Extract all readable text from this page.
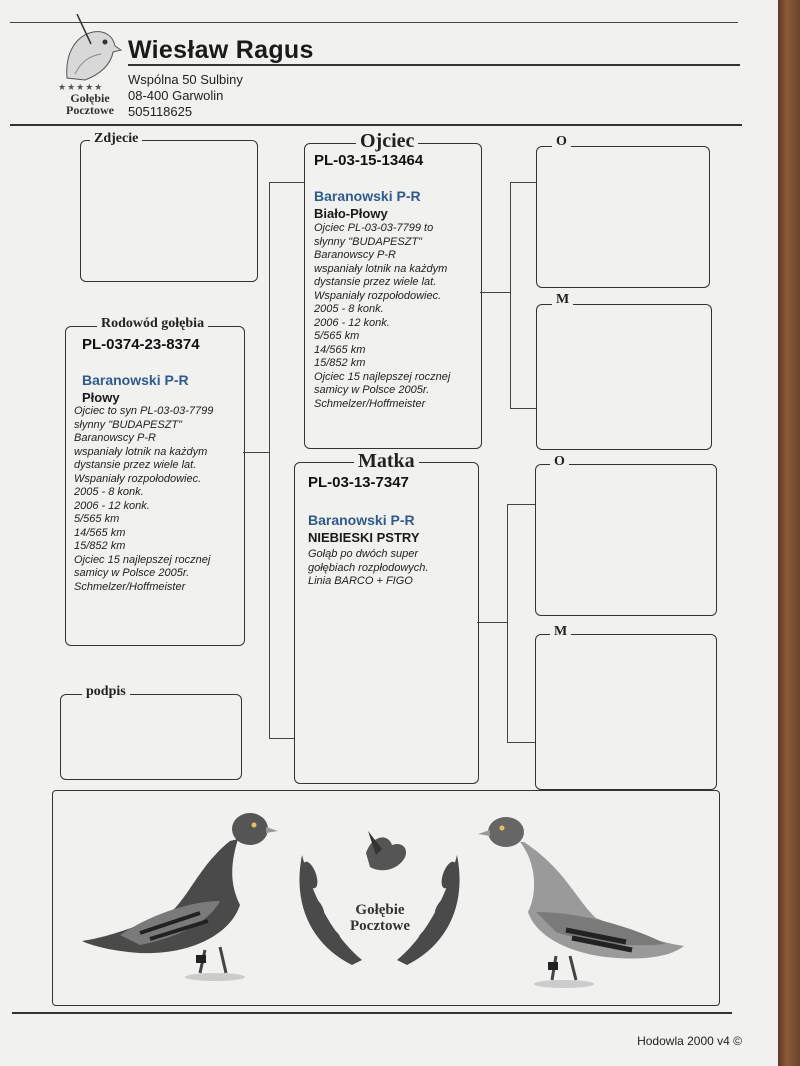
★★★★★
Gołębie
Pocztowe
Wiesław Ragus
Wspólna 50 Sulbiny
08-400 Garwolin
505118625
Zdjecie
Rodowód gołębia
PL-0374-23-8374
Baranowski P-R
Płowy
Ojciec to syn PL-03-03-7799
słynny "BUDAPESZT"
Baranowscy P-R
wspaniały lotnik na każdym
dystansie przez wiele lat.
Wspaniały rozpołodowiec.
2005 - 8 konk.
2006 - 12 konk.
5/565 km
14/565 km
15/852 km
Ojciec 15 najlepszej rocznej
samicy w Polsce 2005r.
Schmelzer/Hoffmeister
podpis
Ojciec
PL-03-15-13464
Baranowski P-R
Biało-Płowy
Ojciec PL-03-03-7799 to
słynny "BUDAPESZT"
Baranowscy P-R
wspaniały lotnik na każdym
dystansie przez wiele lat.
Wspaniały rozpołodowiec.
2005 - 8 konk.
2006 - 12 konk.
5/565 km
14/565 km
15/852 km
Ojciec 15 najlepszej rocznej
samicy w Polsce 2005r.
Schmelzer/Hoffmeister
Matka
PL-03-13-7347
Baranowski P-R
NIEBIESKI PSTRY
Gołąb po dwóch super
gołębiach rozpłodowych.
Linia BARCO + FIGO
O
M
O
M
Gołębie
Pocztowe
Hodowla 2000 v4 ©
